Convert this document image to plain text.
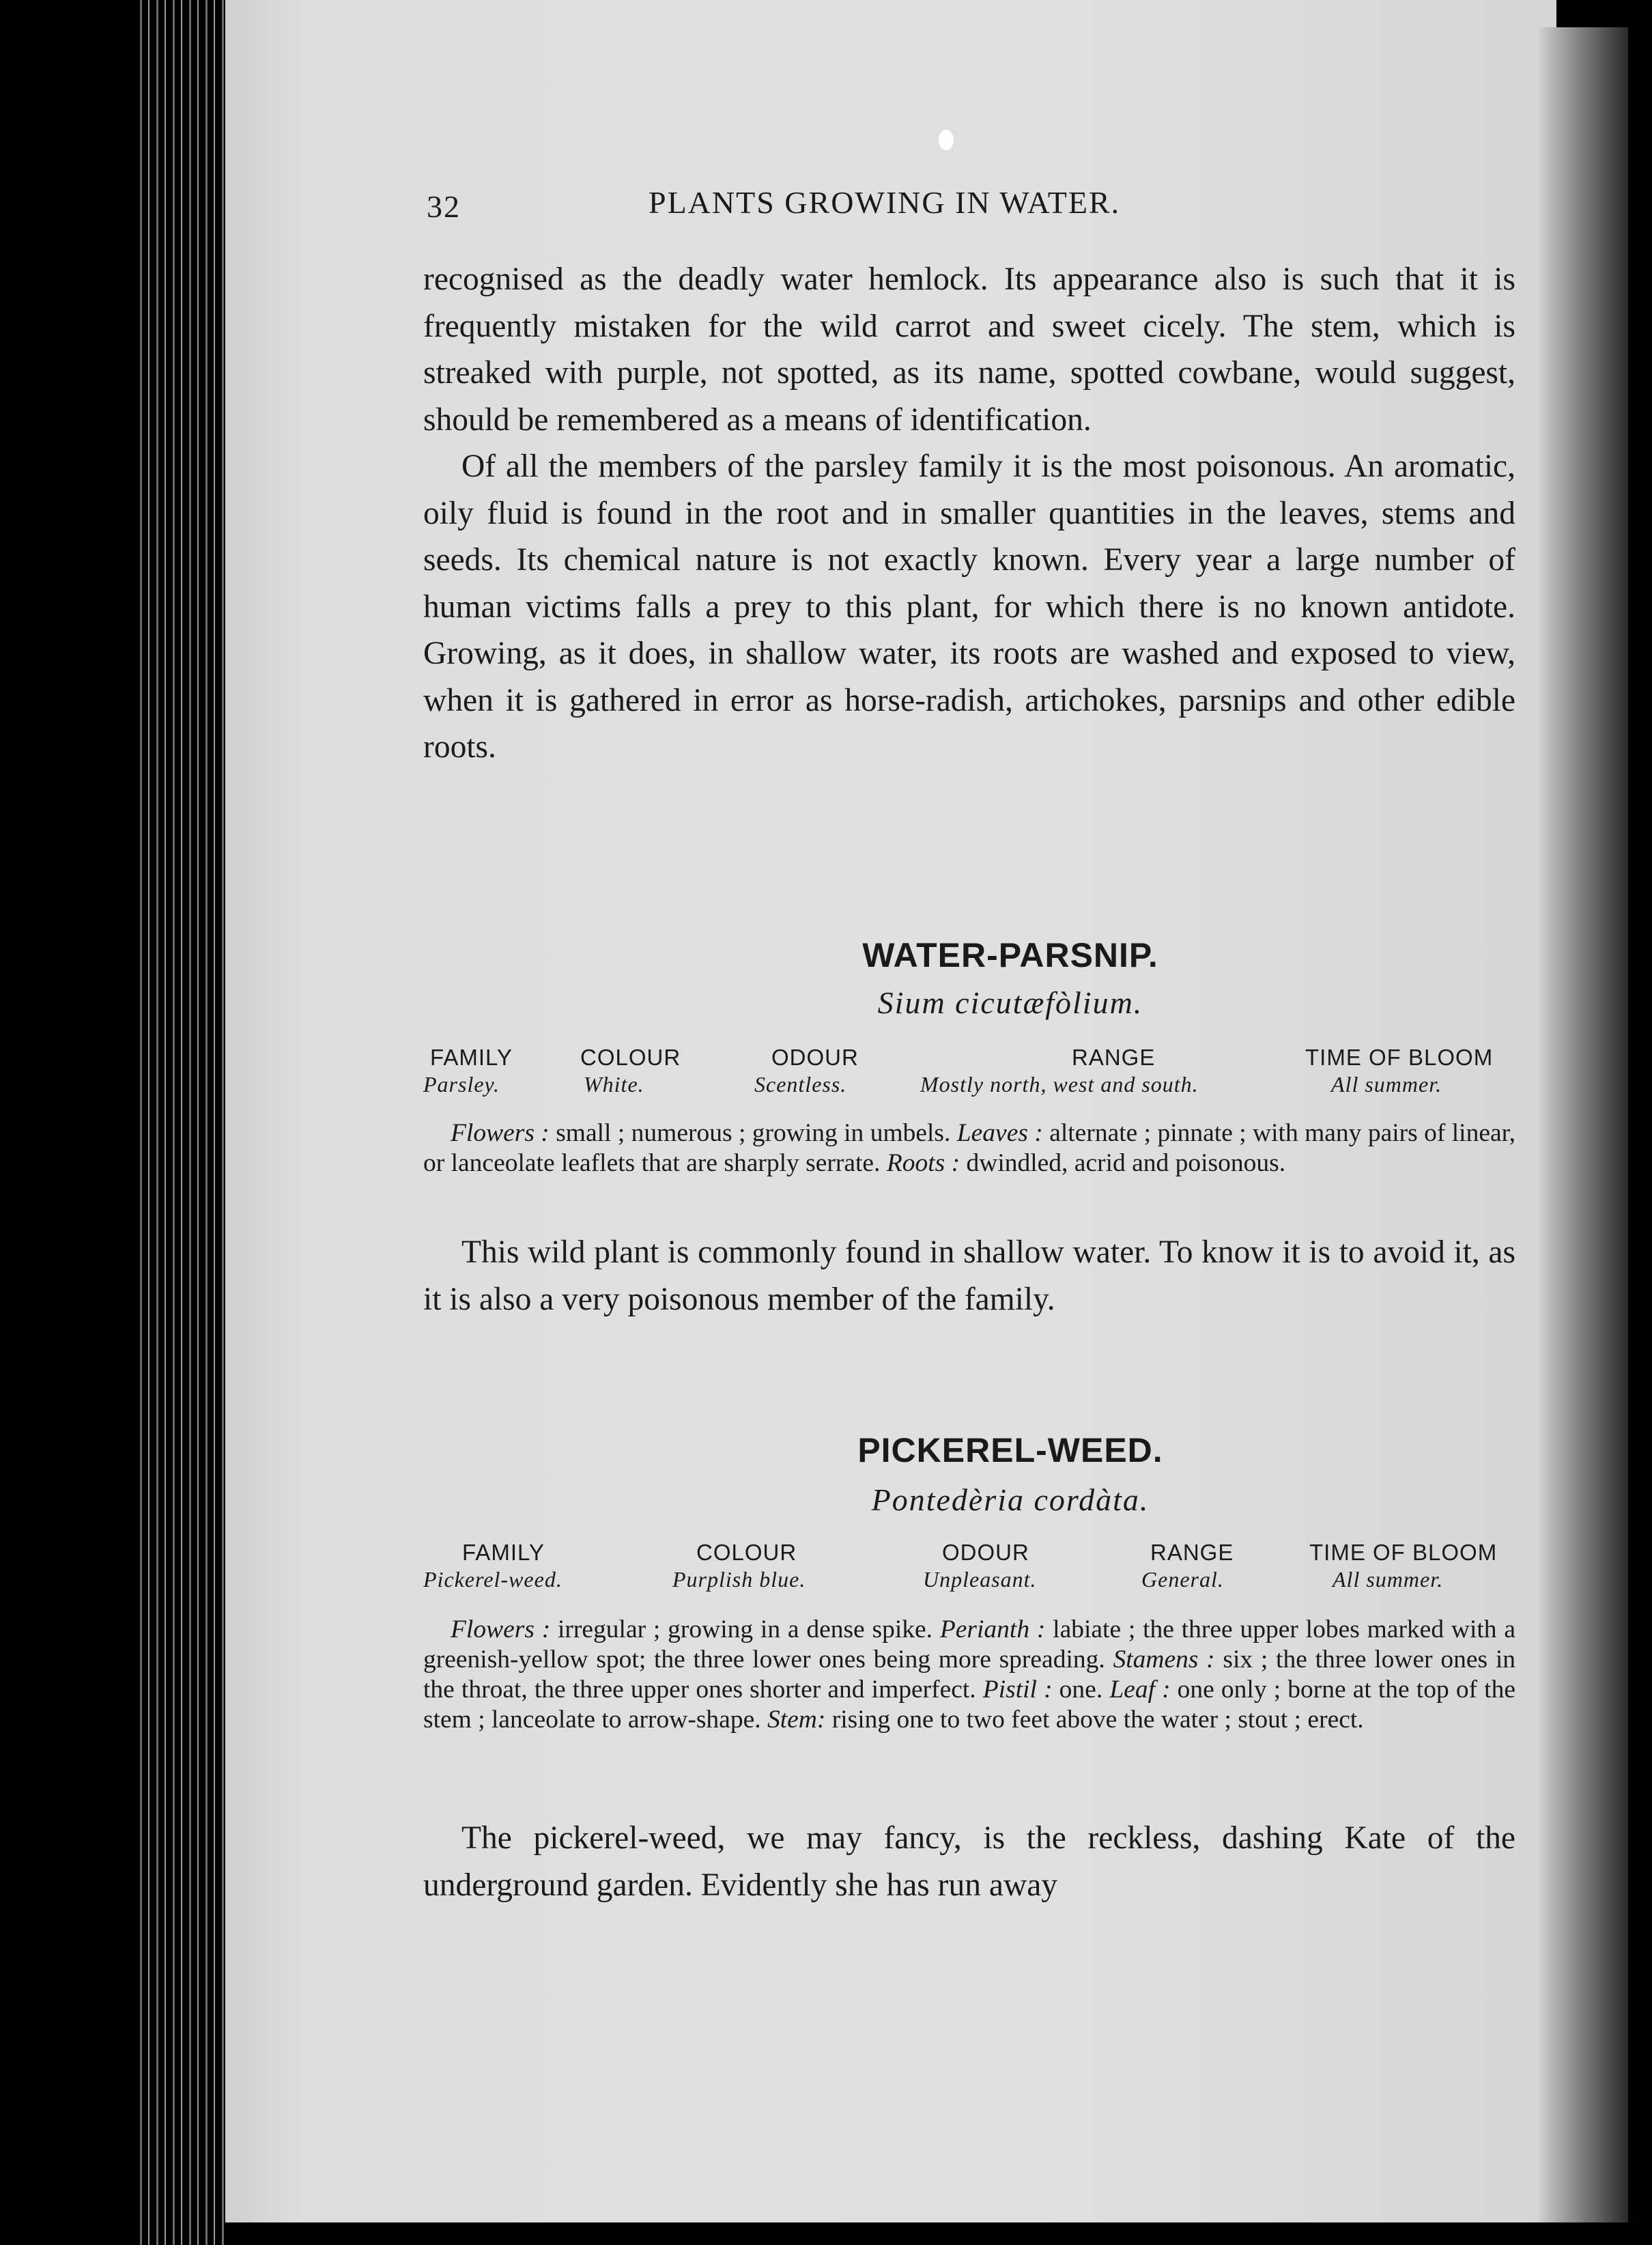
32	PLANTS GROWING IN WATER.

recognised as the deadly water hemlock. Its appearance also is such that it is frequently mistaken for the wild carrot and sweet cicely. The stem, which is streaked with purple, not spotted, as its name, spotted cowbane, would suggest, should be remembered as a means of identification.

Of all the members of the parsley family it is the most poisonous. An aromatic, oily fluid is found in the root and in smaller quantities in the leaves, stems and seeds. Its chemical nature is not exactly known. Every year a large number of human victims falls a prey to this plant, for which there is no known antidote. Growing, as it does, in shallow water, its roots are washed and exposed to view, when it is gathered in error as horse-radish, artichokes, parsnips and other edible roots.

WATER-PARSNIP.
Sium cicutæfòlium.
FAMILY
Parsley.
COLOUR
White.
ODOUR
Scentless.
RANGE
Mostly north, west and south.
TIME OF BLOOM
All summer.
Flowers : small ; numerous ; growing in umbels. Leaves : alternate ; pinnate ; with many pairs of linear, or lanceolate leaflets that are sharply serrate. Roots : dwindled, acrid and poisonous.

This wild plant is commonly found in shallow water. To know it is to avoid it, as it is also a very poisonous member of the family.

PICKEREL-WEED.
Pontedèria cordàta.
FAMILY
Pickerel-weed.
COLOUR
Purplish blue.
ODOUR
Unpleasant.
RANGE
General.
TIME OF BLOOM
All summer.
Flowers : irregular ; growing in a dense spike. Perianth : labiate ; the three upper lobes marked with a greenish-yellow spot; the three lower ones being more spreading. Stamens : six ; the three lower ones in the throat, the three upper ones shorter and imperfect. Pistil : one. Leaf : one only ; borne at the top of the stem ; lanceolate to arrow-shape. Stem: rising one to two feet above the water ; stout ; erect.

The pickerel-weed, we may fancy, is the reckless, dashing Kate of the underground garden. Evidently she has run away
